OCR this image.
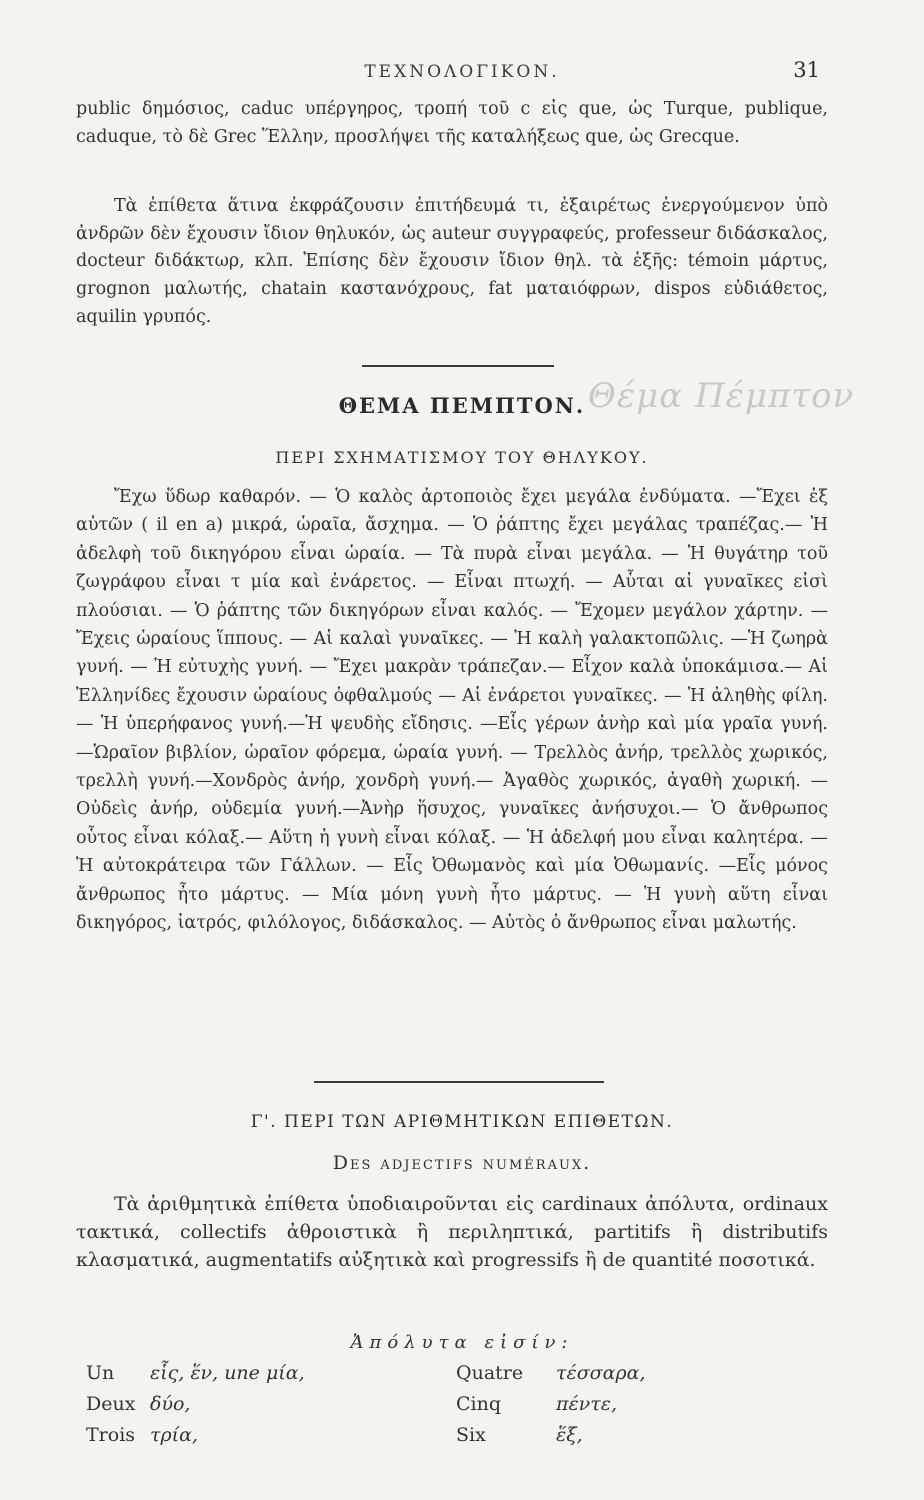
ΤΕΧΝΟΛΟΓΙΚΟΝ.	31
public δημόσιος, caduc υπέργηρος, τροπή τοῦ c εἰς que, ὡς Turque, publique, caduque, τὸ δὲ Grec Ἕλλην, προσλήψει τῆς καταλήξεως que, ὡς Grecque.
Τὰ ἐπίθετα ἅτινα ἐκφράζουσιν ἐπιτήδευμά τι, ἐξαιρέτως ἐνεργούμενον ὑπὸ ἀνδρῶν δὲν ἔχουσιν ἴδιον θηλυκόν, ὡς auteur συγγραφεύς, professeur διδάσκαλος, docteur διδάκτωρ, κλπ. Ἐπίσης δὲν ἔχουσιν ἴδιον θηλ. τὰ ἑξῆς: témoin μάρτυς, grognon μαλωτής, chatain καστανόχρους, fat ματαιόφρων, dispos εὐδιάθετος, aquilin γρυπός.
Θέμα Πέμπτον
ΘΕΜΑ ΠΕΜΠΤΟΝ.
ΠΕΡΙ ΣΧΗΜΑΤΙΣΜΟΥ ΤΟΥ ΘΗΛΥΚΟΥ.
Ἔχω ὕδωρ καθαρόν. — Ὁ καλὸς ἀρτοποιὸς ἔχει μεγάλα ἐνδύματα. —Ἔχει ἐξ αὐτῶν ( il en a) μικρά, ὡραῖα, ἄσχημα. — Ὁ ῥάπτης ἔχει μεγάλας τραπέζας.— Ἡ ἀδελφὴ τοῦ δικηγόρου εἶναι ὡραία. — Τὰ πυρὰ εἶναι μεγάλα. — Ἡ θυγάτηρ τοῦ ζωγράφου εἶναι τ μία καὶ ἐνάρετος. — Εἶναι πτωχή. — Αὗται αἱ γυναῖκες εἰσὶ πλούσιαι. — Ὁ ῥάπτης τῶν δικηγόρων εἶναι καλός. — Ἔχομεν μεγάλον χάρτην. — Ἔχεις ὡραίους ἵππους. — Αἱ καλαὶ γυναῖκες. — Ἡ καλὴ γαλακτοπῶλις. —Ἡ ζωηρὰ γυνή. — Ἡ εὐτυχὴς γυνή. — Ἔχει μακρὰν τράπεζαν.— Εἶχον καλὰ ὑποκάμισα.— Αἱ Ἑλληνίδες ἔχουσιν ὡραίους ὀφθαλμούς — Αἱ ἐνάρετοι γυναῖκες. — Ἡ ἀληθὴς φίλη. — Ἡ ὑπερήφανος γυνή.—Ἡ ψευδὴς εἴδησις. —Εἷς γέρων ἀνὴρ καὶ μία γραῖα γυνή. —Ὡραῖον βιβλίον, ὡραῖον φόρεμα, ὡραία γυνή. — Τρελλὸς ἀνήρ, τρελλὸς χωρικός, τρελλὴ γυνή.—Χονδρὸς ἀνήρ, χονδρὴ γυνή.— Ἀγαθὸς χωρικός, ἀγαθὴ χωρική. —Οὐδεὶς ἀνήρ, οὐδεμία γυνή.—Ἀνὴρ ἥσυχος, γυναῖκες ἀνήσυχοι.— Ὁ ἄνθρωπος οὗτος εἶναι κόλαξ.— Αὕτη ἡ γυνὴ εἶναι κόλαξ. — Ἡ ἀδελφή μου εἶναι καλητέρα. — Ἡ αὐτοκράτειρα τῶν Γάλλων. — Εἷς Ὀθωμανὸς καὶ μία Ὀθωμανίς. —Εἷς μόνος ἄνθρωπος ἦτο μάρτυς. — Μία μόνη γυνὴ ἦτο μάρτυς. — Ἡ γυνὴ αὕτη εἶναι δικηγόρος, ἰατρός, φιλόλογος, διδάσκαλος. — Αὐτὸς ὁ ἄνθρωπος εἶναι μαλωτής.
Γ'. ΠΕΡΙ ΤΩΝ ΑΡΙΘΜΗΤΙΚΩΝ ΕΠΙΘΕΤΩΝ.
Des adjectifs numéraux.
Τὰ ἀριθμητικὰ ἐπίθετα ὑποδιαιροῦνται εἰς cardinaux ἀπόλυτα, ordinaux τακτικά, collectifs ἀθροιστικὰ ἢ περιληπτικά, partitifs ἢ distributifs κλασματικά, augmentatifs αὐξητικὰ καὶ progressifs ἢ de quantité ποσοτικά.
Ἀπόλυτα εἰσίν:
Un εἷς, ἕν, une μία,	Quatre τέσσαρα,
Deux δύο,	Cinq	πέντε,
Trois τρία,	Six	ἕξ,
